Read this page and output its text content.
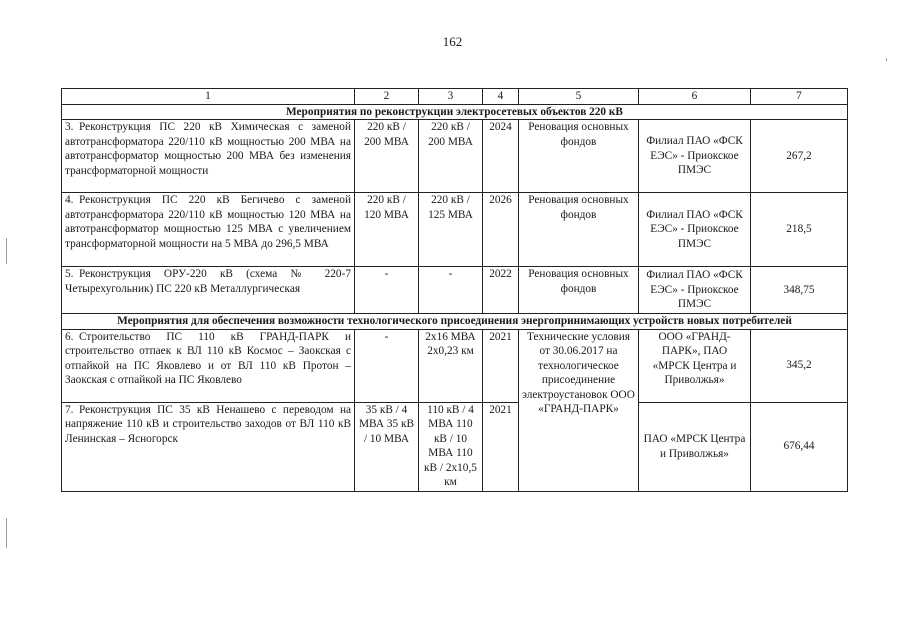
162
1	2	3	4	5	6	7
Мероприятия по реконструкции электросетевых объектов 220 кВ						
3. Реконструкция ПС 220 кВ Химическая с заменой автотрансформатора 220/110 кВ мощностью 200 МВА на автотрансформатор мощностью 200 МВА без изменения трансформаторной мощности	220 кВ / 200 МВА	220 кВ / 200 МВА	2024	Реновация основных фондов	Филиал ПАО «ФСК ЕЭС» - Приокское ПМЭС	267,2
4. Реконструкция ПС 220 кВ Бегичево с заменой автотрансформатора 220/110 кВ мощностью 120 МВА на автотрансформатор мощностью 125 МВА с увеличением трансформаторной мощности на 5 МВА до 296,5 МВА	220 кВ / 120 МВА	220 кВ / 125 МВА	2026	Реновация основных фондов	Филиал ПАО «ФСК ЕЭС» - Приокское ПМЭС	218,5
5. Реконструкция ОРУ-220 кВ (схема № 220-7 Четырехугольник) ПС 220 кВ Металлургическая	-	-	2022	Реновация основных фондов	Филиал ПАО «ФСК ЕЭС» - Приокское ПМЭС	348,75
Мероприятия для обеспечения возможности технологического присоединения энергопринимающих устройств новых потребителей						
6. Строительство ПС 110 кВ ГРАНД-ПАРК и строительство отпаек к ВЛ 110 кВ Космос – Заокская с отпайкой на ПС Яковлево и от ВЛ 110 кВ Протон – Заокская с отпайкой на ПС Яковлево	-	2х16 МВА 2х0,23 км	2021	Технические условия от 30.06.2017 на технологическое присоединение электроустановок ООО «ГРАНД-ПАРК»	ООО «ГРАНД-ПАРК», ПАО «МРСК Центра и Приволжья»	345,2
7. Реконструкция ПС 35 кВ Ненашево с переводом на напряжение 110 кВ и строительство заходов от ВЛ 110 кВ Ленинская – Ясногорск	35 кВ / 4 МВА 35 кВ / 10 МВА	110 кВ / 4 МВА 110 кВ / 10 МВА 110 кВ / 2х10,5 км	2021		ПАО «МРСК Центра и Приволжья»	676,44
